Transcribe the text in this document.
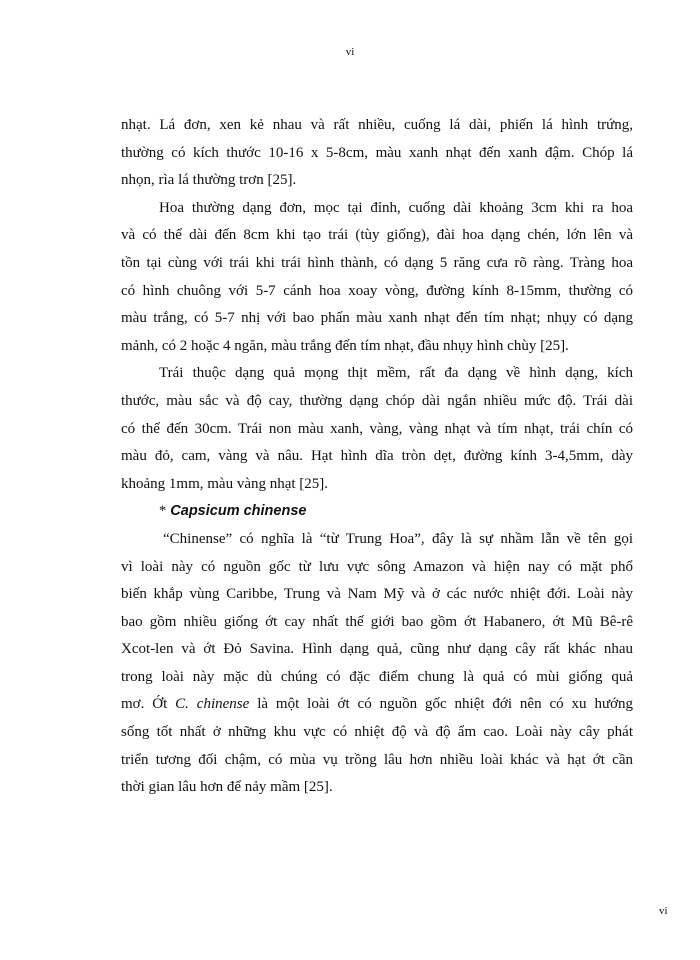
vi

nhạt. Lá đơn, xen kẻ nhau và rất nhiều, cuống lá dài, phiến lá hình trứng,
thường có kích thước 10-16 x 5-8cm, màu xanh nhạt đến xanh đậm. Chóp lá
nhọn, rìa lá thường trơn [25].

Hoa thường dạng đơn, mọc tại đỉnh, cuống dài khoảng 3cm khi ra hoa
và có thể dài đến 8cm khi tạo trái (tùy giống), đài hoa dạng chén, lớn lên và
tồn tại cùng với trái khi trái hình thành, có dạng 5 răng cưa rõ ràng. Tràng hoa
có hình chuông với 5-7 cánh hoa xoay vòng, đường kính 8-15mm, thường có
màu trắng, có 5-7 nhị với bao phấn màu xanh nhạt đến tím nhạt; nhụy có dạng
mảnh, có 2 hoặc 4 ngăn, màu trắng đến tím nhạt, đầu nhụy hình chùy [25].

Trái thuộc dạng quả mọng thịt mềm, rất đa dạng về hình dạng, kích
thước, màu sắc và độ cay, thường dạng chóp dài ngắn nhiều mức độ. Trái dài
có thể đến 30cm. Trái non màu xanh, vàng, vàng nhạt và tím nhạt, trái chín có
màu đỏ, cam, vàng và nâu. Hạt hình dĩa tròn dẹt, đường kính 3-4,5mm, dày
khoảng 1mm, màu vàng nhạt [25].

* Capsicum chinense

“Chinense” có nghĩa là “từ Trung Hoa”, đây là sự nhầm lẫn về tên gọi
vì loài này có nguồn gốc từ lưu vực sông Amazon và hiện nay có mặt phổ
biến khắp vùng Caribbe, Trung và Nam Mỹ và ở các nước nhiệt đới. Loài này
bao gồm nhiều giống ớt cay nhất thế giới bao gồm ớt Habanero, ớt Mũ Bê-rê
Xcot-len và ớt Đỏ Savina. Hình dạng quả, cũng như dạng cây rất khác nhau
trong loài này mặc dù chúng có đặc điểm chung là quả có mùi giống quả
mơ. Ớt C. chinense là một loài ớt có nguồn gốc nhiệt đới nên có xu hướng
sống tốt nhất ở những khu vực có nhiệt độ và độ ẩm cao. Loài này cây phát
triển tương đối chậm, có mùa vụ trồng lâu hơn nhiều loài khác và hạt ớt cần
thời gian lâu hơn để nảy mầm [25].

vi
